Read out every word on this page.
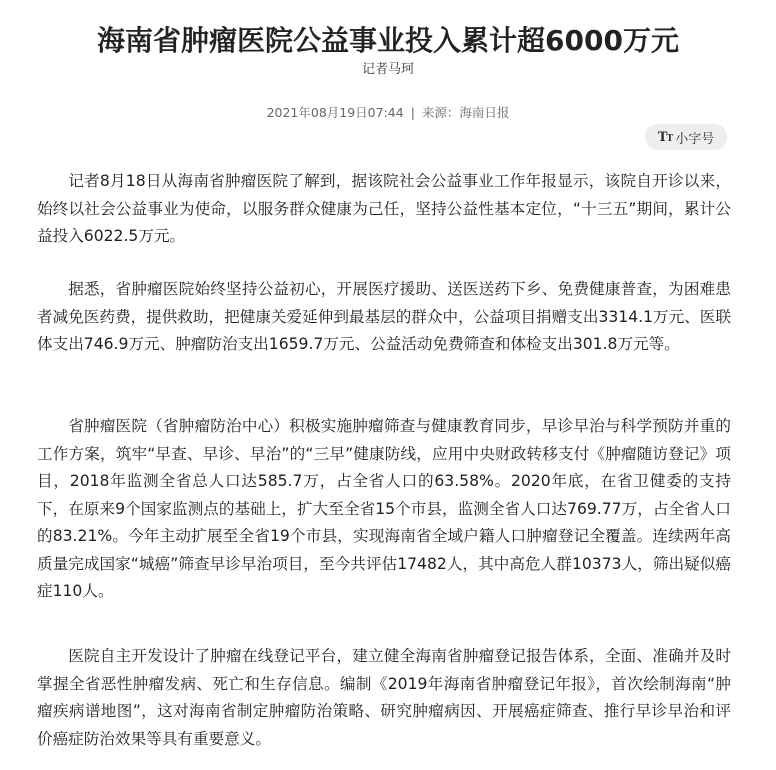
海南省肿瘤医院公益事业投入累计超6000万元
记者马珂
2021年08月19日07:44 | 来源：海南日报
TT 小字号

记者8月18日从海南省肿瘤医院了解到，据该院社会公益事业工作年报显示，该院自开诊以来，始终以社会公益事业为使命，以服务群众健康为己任，坚持公益性基本定位，“十三五”期间，累计公益投入6022.5万元。

据悉，省肿瘤医院始终坚持公益初心，开展医疗援助、送医送药下乡、免费健康普查，为困难患者减免医药费，提供救助，把健康关爱延伸到最基层的群众中，公益项目捐赠支出3314.1万元、医联体支出746.9万元、肿瘤防治支出1659.7万元、公益活动免费筛查和体检支出301.8万元等。

省肿瘤医院（省肿瘤防治中心）积极实施肿瘤筛查与健康教育同步，早诊早治与科学预防并重的工作方案，筑牢“早查、早诊、早治”的“三早”健康防线，应用中央财政转移支付《肿瘤随访登记》项目，2018年监测全省总人口达585.7万，占全省人口的63.58%。2020年底，在省卫健委的支持下，在原来9个国家监测点的基础上，扩大至全省15个市县，监测全省人口达769.77万，占全省人口的83.21%。今年主动扩展至全省19个市县，实现海南省全域户籍人口肿瘤登记全覆盖。连续两年高质量完成国家“城癌”筛查早诊早治项目，至今共评估17482人，其中高危人群10373人，筛出疑似癌症110人。

医院自主开发设计了肿瘤在线登记平台，建立健全海南省肿瘤登记报告体系，全面、准确并及时掌握全省恶性肿瘤发病、死亡和生存信息。编制《2019年海南省肿瘤登记年报》，首次绘制海南“肿瘤疾病谱地图”，这对海南省制定肿瘤防治策略、研究肿瘤病因、开展癌症筛查、推行早诊早治和评价癌症防治效果等具有重要意义。
